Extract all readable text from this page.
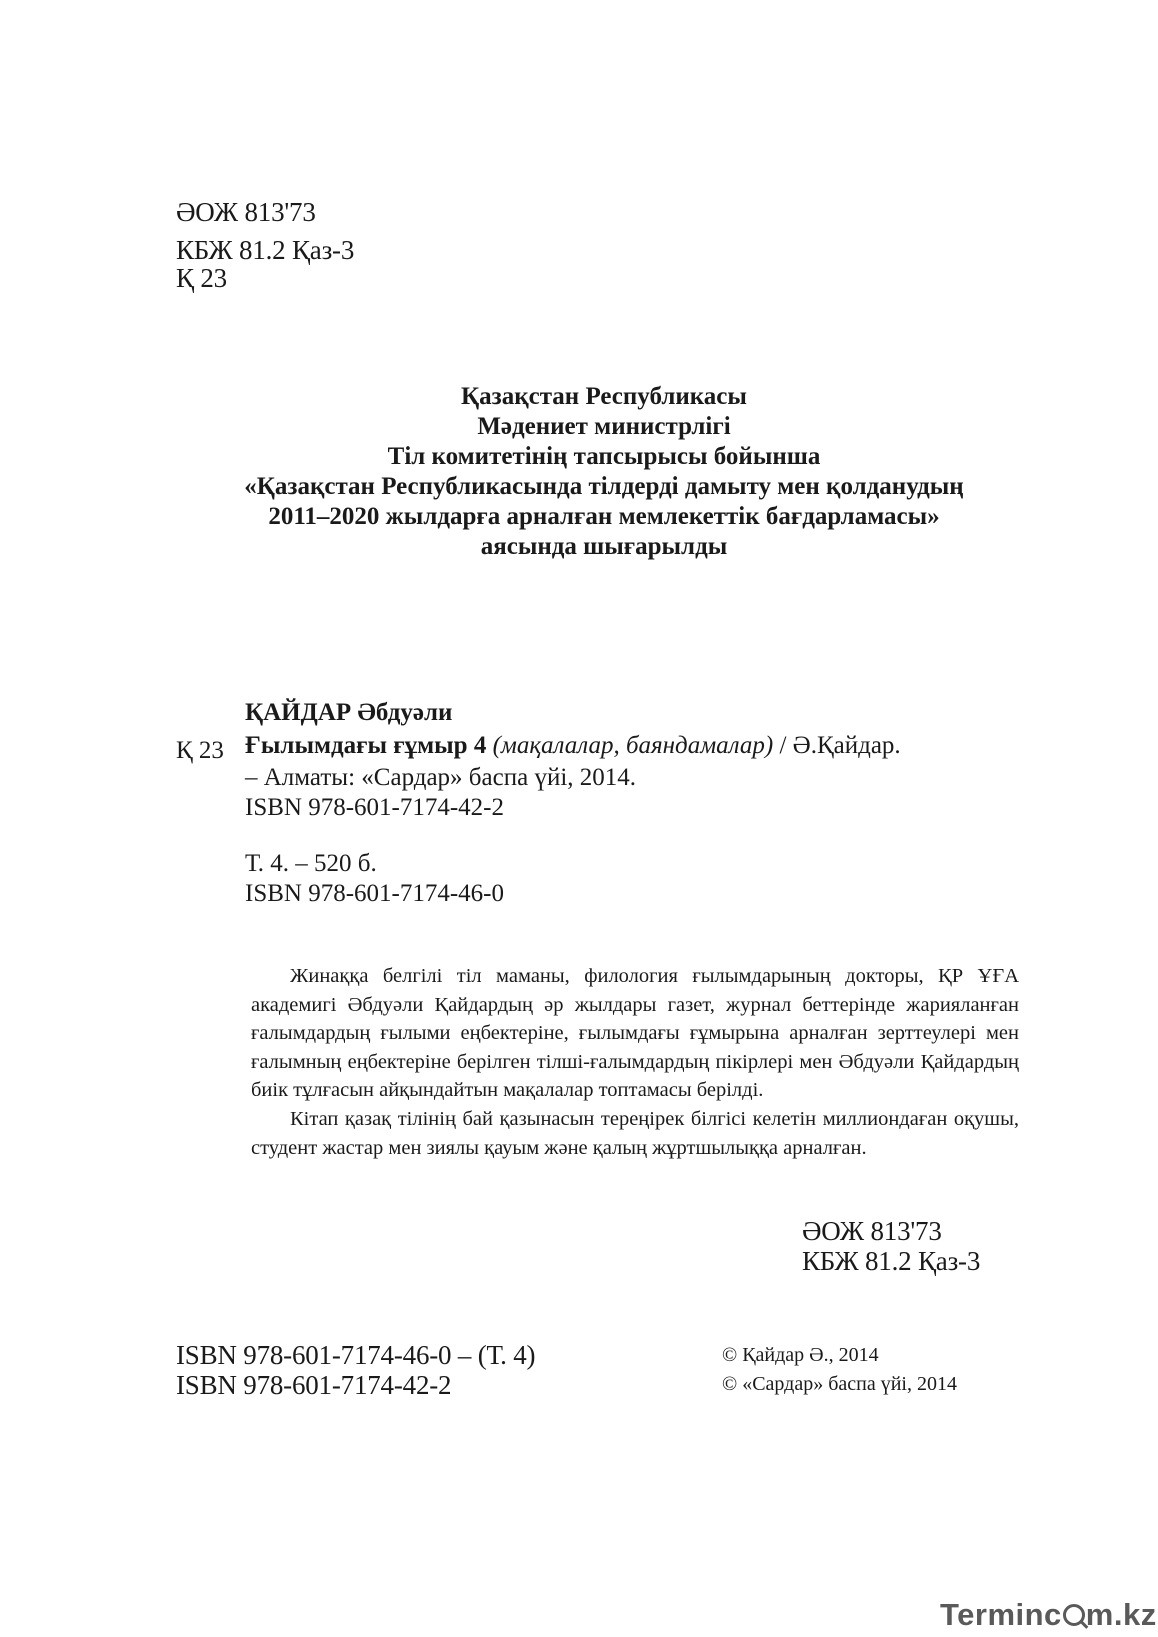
ӘОЖ 813'73
КБЖ 81.2 Қаз-3
Қ 23
Қазақстан Республикасы
Мәдениет министрлігі
Тіл комитетінің тапсырысы бойынша
«Қазақстан Республикасында тілдерді дамыту мен қолданудың
2011–2020 жылдарға арналған мемлекеттік бағдарламасы»
аясында шығарылды
Қ 23
ҚАЙДАР Әбдуәли
Ғылымдағы ғұмыр 4 (мақалалар, баяндамалар) / Ә.Қайдар.
– Алматы: «Сардар» баспа үйі, 2014.
ISBN 978-601-7174-42-2
Т. 4. – 520 б.
ISBN 978-601-7174-46-0

Жинаққа белгілі тіл маманы, филология ғылымдарының докторы, ҚР ҰҒА академигі Әбдуәли Қайдардың әр жылдары газет, журнал беттерінде жарияланған ғалымдардың ғылыми еңбектеріне, ғылымдағы ғұмырына арналған зерттеулері мен ғалымның еңбектеріне берілген тілші-ғалымдардың пікірлері мен Әбдуәли Қайдардың биік тұлғасын айқындайтын мақалалар топтамасы берілді.

Кітап қазақ тілінің бай қазынасын тереңірек білгісі келетін миллиондаған оқушы, студент жастар мен зиялы қауым және қалың жұртшылыққа арналған.

ӘОЖ 813'73
КБЖ 81.2 Қаз-3
ISBN 978-601-7174-46-0 – (Т. 4)
ISBN 978-601-7174-42-2
© Қайдар Ә., 2014
© «Сардар» баспа үйі, 2014
Terminc m.kz
